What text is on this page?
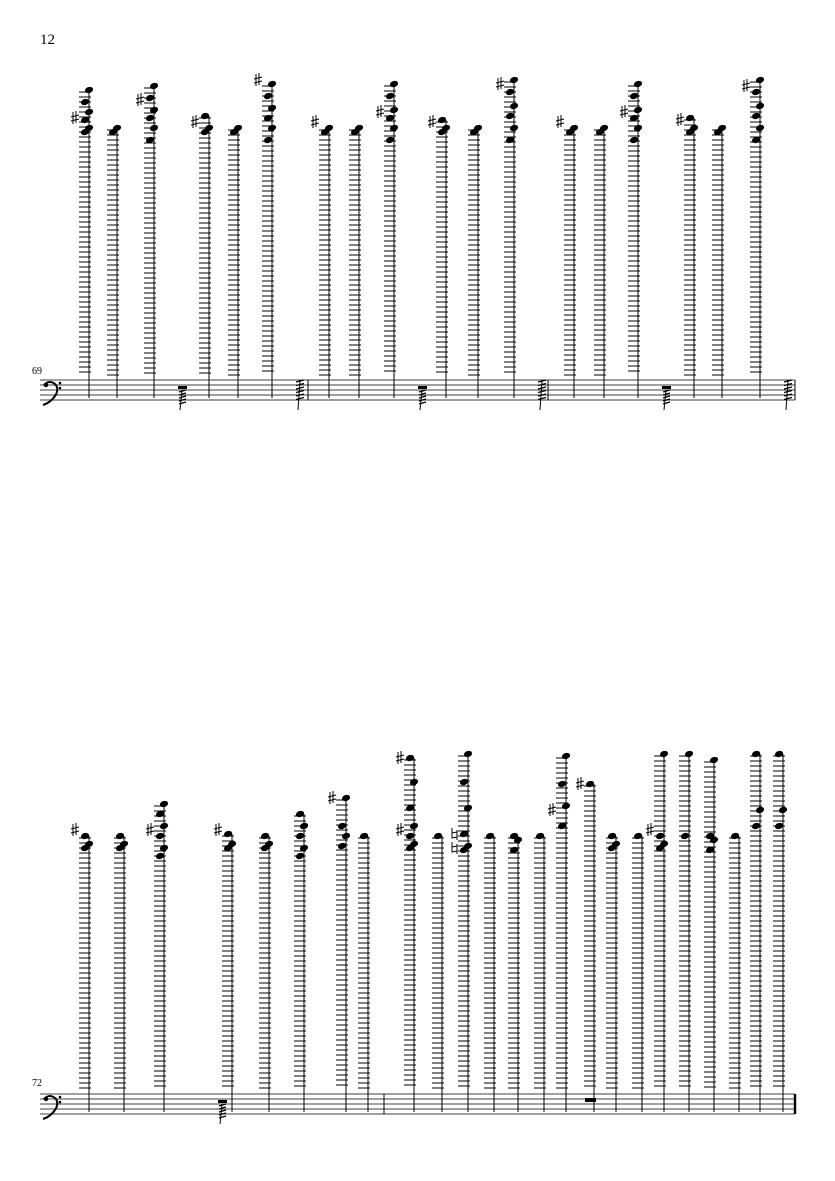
12
69
72
